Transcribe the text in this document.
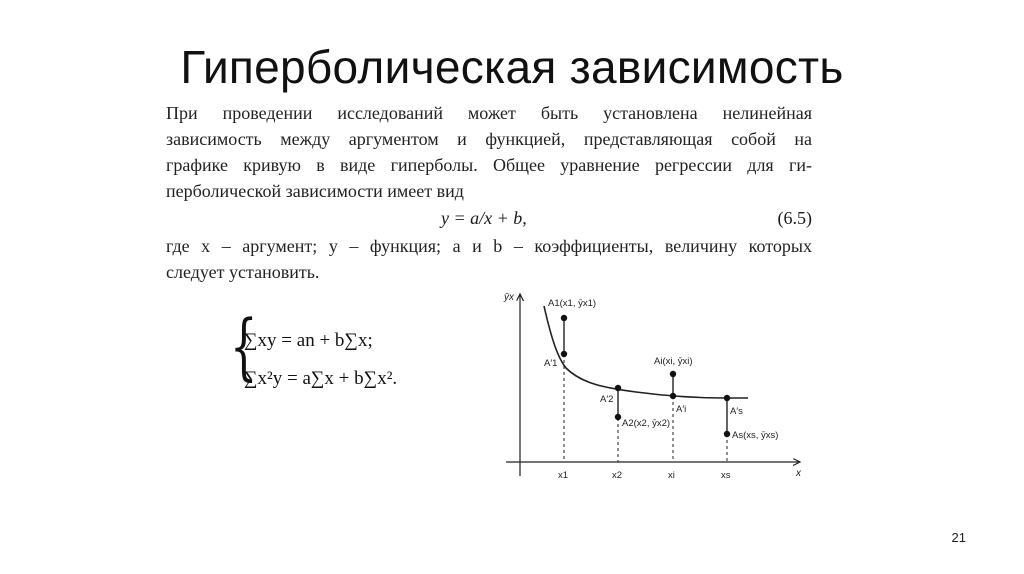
Гиперболическая зависимость
При проведении исследований может быть установлена нелинейная
зависимость между аргументом и функцией, представляющая собой на
графике кривую в виде гиперболы. Общее уравнение регрессии для ги-
перболической зависимости имеет вид
y = a/x + b,	(6.5)
где x – аргумент; y – функция; a и b – коэффициенты, величину которых
следует установить.
{
∑xy = an + b∑x;
∑x²y = a∑x + b∑x².
ȳx
x
A1(x1, ȳx1)
A′1
A′2
A2(x2, ȳx2)
Ai(xi, ȳxi)
A′i	A′s
As(xs, ȳxs)
x1	x2	xi	xs
21
